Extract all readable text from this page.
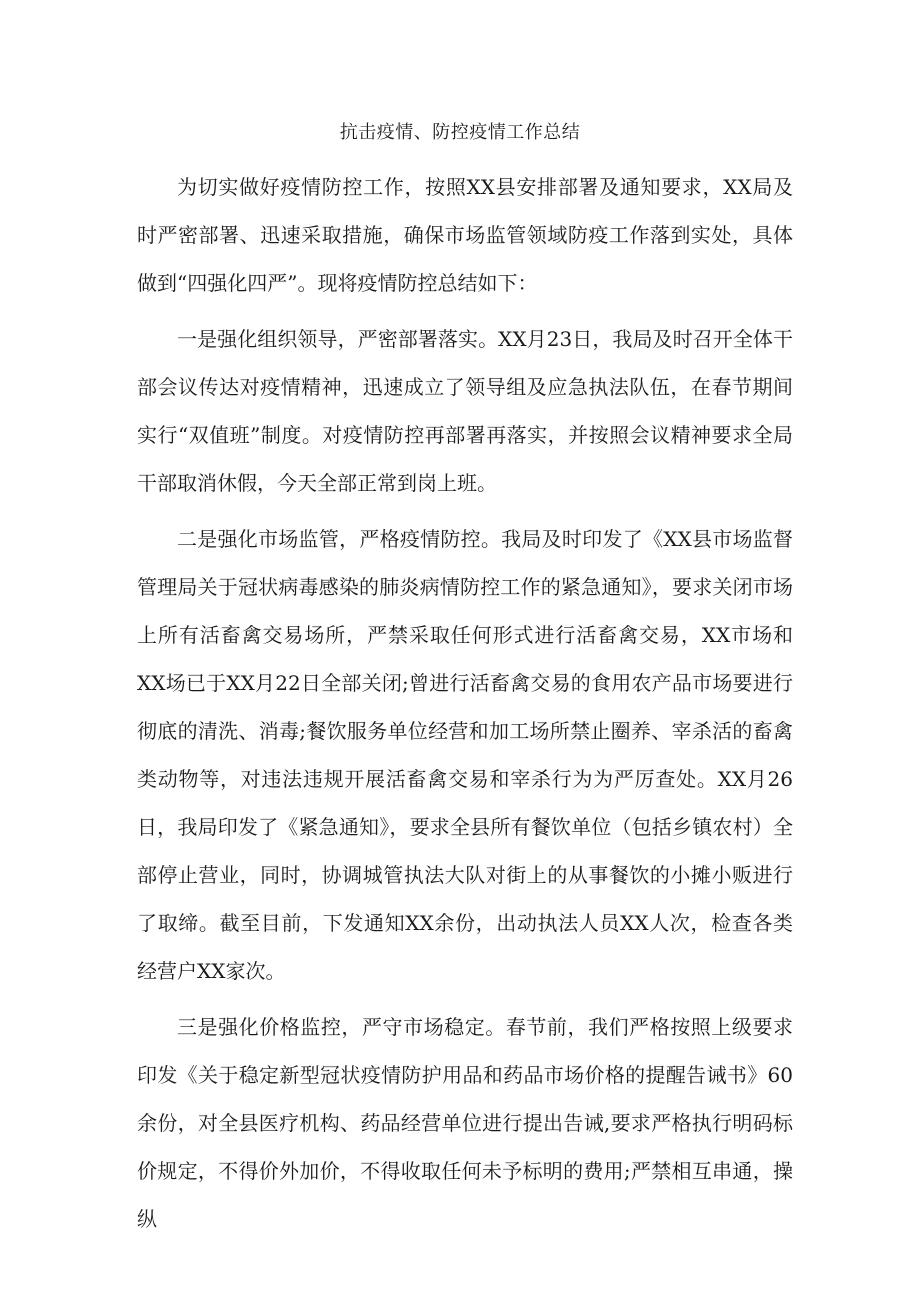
抗击疫情、防控疫情工作总结

为切实做好疫情防控工作，按照XX县安排部署及通知要求，XX局及时严密部署、迅速采取措施，确保市场监管领域防疫工作落到实处，具体做到“四强化四严”。现将疫情防控总结如下：

一是强化组织领导，严密部署落实。XX月23日，我局及时召开全体干部会议传达对疫情精神，迅速成立了领导组及应急执法队伍，在春节期间实行“双值班”制度。对疫情防控再部署再落实，并按照会议精神要求全局干部取消休假，今天全部正常到岗上班。

二是强化市场监管，严格疫情防控。我局及时印发了《XX县市场监督管理局关于冠状病毒感染的肺炎病情防控工作的紧急通知》，要求关闭市场上所有活畜禽交易场所，严禁采取任何形式进行活畜禽交易，XX市场和XX场已于XX月22日全部关闭;曾进行活畜禽交易的食用农产品市场要进行彻底的清洗、消毒;餐饮服务单位经营和加工场所禁止圈养、宰杀活的畜禽类动物等，对违法违规开展活畜禽交易和宰杀行为为严厉查处。XX月26日，我局印发了《紧急通知》，要求全县所有餐饮单位（包括乡镇农村）全部停止营业，同时，协调城管执法大队对街上的从事餐饮的小摊小贩进行了取缔。截至目前，下发通知XX余份，出动执法人员XX人次，检查各类经营户XX家次。

三是强化价格监控，严守市场稳定。春节前，我们严格按照上级要求印发《关于稳定新型冠状疫情防护用品和药品市场价格的提醒告诫书》60余份，对全县医疗机构、药品经营单位进行提出告诫,要求严格执行明码标价规定，不得价外加价，不得收取任何未予标明的费用;严禁相互串通，操纵
